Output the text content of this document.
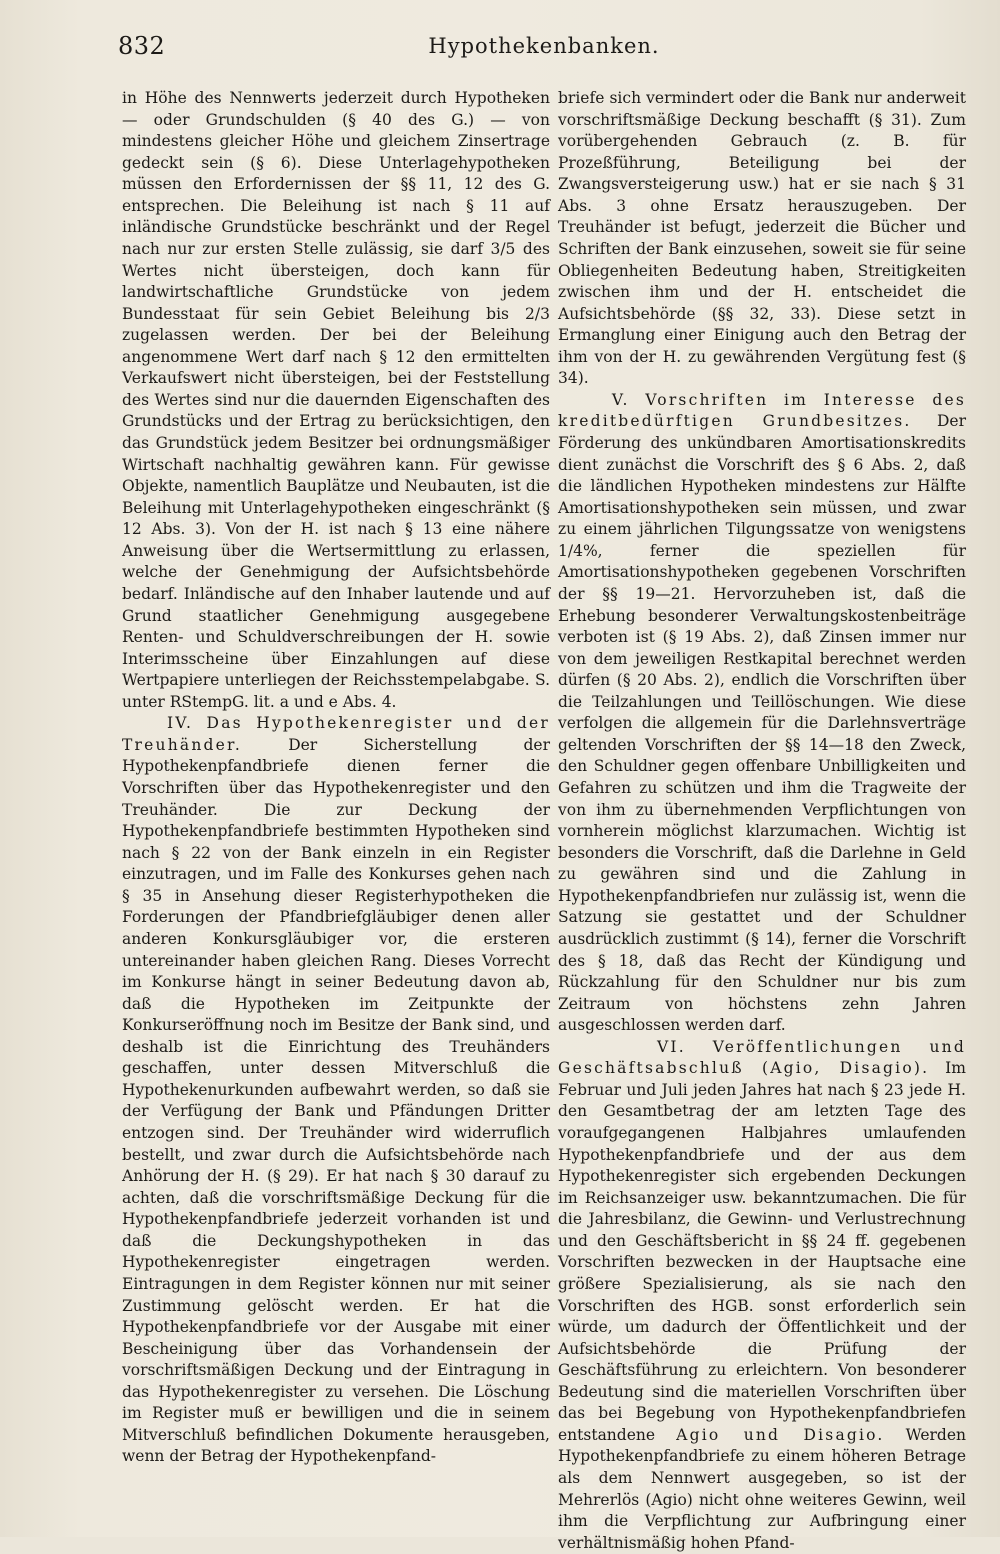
832	Hypothekenbanken.

in Höhe des Nennwerts jederzeit durch Hypotheken — oder Grundschulden (§ 40 des G.) — von mindestens gleicher Höhe und gleichem Zinsertrage gedeckt sein (§ 6). Diese Unterlagehypotheken müssen den Erfordernissen der §§ 11, 12 des G. entsprechen. Die Beleihung ist nach § 11 auf inländische Grundstücke beschränkt und der Regel nach nur zur ersten Stelle zulässig, sie darf 3/5 des Wertes nicht übersteigen, doch kann für landwirtschaftliche Grundstücke von jedem Bundesstaat für sein Gebiet Beleihung bis 2/3 zugelassen werden. Der bei der Beleihung angenommene Wert darf nach § 12 den ermittelten Verkaufswert nicht übersteigen, bei der Feststellung des Wertes sind nur die dauernden Eigenschaften des Grundstücks und der Ertrag zu berücksichtigen, den das Grundstück jedem Besitzer bei ordnungsmäßiger Wirtschaft nachhaltig gewähren kann. Für gewisse Objekte, namentlich Bauplätze und Neubauten, ist die Beleihung mit Unterlagehypotheken eingeschränkt (§ 12 Abs. 3). Von der H. ist nach § 13 eine nähere Anweisung über die Wertsermittlung zu erlassen, welche der Genehmigung der Aufsichtsbehörde bedarf. Inländische auf den Inhaber lautende und auf Grund staatlicher Genehmigung ausgegebene Renten- und Schuldverschreibungen der H. sowie Interimsscheine über Einzahlungen auf diese Wertpapiere unterliegen der Reichsstempelabgabe. S. unter RStempG. lit. a und e Abs. 4.

IV. Das Hypothekenregister und der Treuhänder. Der Sicherstellung der Hypothekenpfandbriefe dienen ferner die Vorschriften über das Hypothekenregister und den Treuhänder. Die zur Deckung der Hypothekenpfandbriefe bestimmten Hypotheken sind nach § 22 von der Bank einzeln in ein Register einzutragen, und im Falle des Konkurses gehen nach § 35 in Ansehung dieser Registerhypotheken die Forderungen der Pfandbriefgläubiger denen aller anderen Konkursgläubiger vor, die ersteren untereinander haben gleichen Rang. Dieses Vorrecht im Konkurse hängt in seiner Bedeutung davon ab, daß die Hypotheken im Zeitpunkte der Konkurseröffnung noch im Besitze der Bank sind, und deshalb ist die Einrichtung des Treuhänders geschaffen, unter dessen Mitverschluß die Hypothekenurkunden aufbewahrt werden, so daß sie der Verfügung der Bank und Pfändungen Dritter entzogen sind. Der Treuhänder wird widerruflich bestellt, und zwar durch die Aufsichtsbehörde nach Anhörung der H. (§ 29). Er hat nach § 30 darauf zu achten, daß die vorschriftsmäßige Deckung für die Hypothekenpfandbriefe jederzeit vorhanden ist und daß die Deckungshypotheken in das Hypothekenregister eingetragen werden. Eintragungen in dem Register können nur mit seiner Zustimmung gelöscht werden. Er hat die Hypothekenpfandbriefe vor der Ausgabe mit einer Bescheinigung über das Vorhandensein der vorschriftsmäßigen Deckung und der Eintragung in das Hypothekenregister zu versehen. Die Löschung im Register muß er bewilligen und die in seinem Mitverschluß befindlichen Dokumente herausgeben, wenn der Betrag der Hypothekenpfand-

briefe sich vermindert oder die Bank nur anderweit vorschriftsmäßige Deckung beschafft (§ 31). Zum vorübergehenden Gebrauch (z. B. für Prozeßführung, Beteiligung bei der Zwangsversteigerung usw.) hat er sie nach § 31 Abs. 3 ohne Ersatz herauszugeben. Der Treuhänder ist befugt, jederzeit die Bücher und Schriften der Bank einzusehen, soweit sie für seine Obliegenheiten Bedeutung haben, Streitigkeiten zwischen ihm und der H. entscheidet die Aufsichtsbehörde (§§ 32, 33). Diese setzt in Ermanglung einer Einigung auch den Betrag der ihm von der H. zu gewährenden Vergütung fest (§ 34).

V. Vorschriften im Interesse des kreditbedürftigen Grundbesitzes. Der Förderung des unkündbaren Amortisationskredits dient zunächst die Vorschrift des § 6 Abs. 2, daß die ländlichen Hypotheken mindestens zur Hälfte Amortisationshypotheken sein müssen, und zwar zu einem jährlichen Tilgungssatze von wenigstens 1/4%, ferner die speziellen für Amortisationshypotheken gegebenen Vorschriften der §§ 19—21. Hervorzuheben ist, daß die Erhebung besonderer Verwaltungskostenbeiträge verboten ist (§ 19 Abs. 2), daß Zinsen immer nur von dem jeweiligen Restkapital berechnet werden dürfen (§ 20 Abs. 2), endlich die Vorschriften über die Teilzahlungen und Teillöschungen. Wie diese verfolgen die allgemein für die Darlehnsverträge geltenden Vorschriften der §§ 14—18 den Zweck, den Schuldner gegen offenbare Unbilligkeiten und Gefahren zu schützen und ihm die Tragweite der von ihm zu übernehmenden Verpflichtungen von vornherein möglichst klarzumachen. Wichtig ist besonders die Vorschrift, daß die Darlehne in Geld zu gewähren sind und die Zahlung in Hypothekenpfandbriefen nur zulässig ist, wenn die Satzung sie gestattet und der Schuldner ausdrücklich zustimmt (§ 14), ferner die Vorschrift des § 18, daß das Recht der Kündigung und Rückzahlung für den Schuldner nur bis zum Zeitraum von höchstens zehn Jahren ausgeschlossen werden darf.

VI. Veröffentlichungen und Geschäftsabschluß (Agio, Disagio). Im Februar und Juli jeden Jahres hat nach § 23 jede H. den Gesamtbetrag der am letzten Tage des voraufgegangenen Halbjahres umlaufenden Hypothekenpfandbriefe und der aus dem Hypothekenregister sich ergebenden Deckungen im Reichsanzeiger usw. bekanntzumachen. Die für die Jahresbilanz, die Gewinn- und Verlustrechnung und den Geschäftsbericht in §§ 24 ff. gegebenen Vorschriften bezwecken in der Hauptsache eine größere Spezialisierung, als sie nach den Vorschriften des HGB. sonst erforderlich sein würde, um dadurch der Öffentlichkeit und der Aufsichtsbehörde die Prüfung der Geschäftsführung zu erleichtern. Von besonderer Bedeutung sind die materiellen Vorschriften über das bei Begebung von Hypothekenpfandbriefen entstandene Agio und Disagio. Werden Hypothekenpfandbriefe zu einem höheren Betrage als dem Nennwert ausgegeben, so ist der Mehrerlös (Agio) nicht ohne weiteres Gewinn, weil ihm die Verpflichtung zur Aufbringung einer verhältnismäßig hohen Pfand-
